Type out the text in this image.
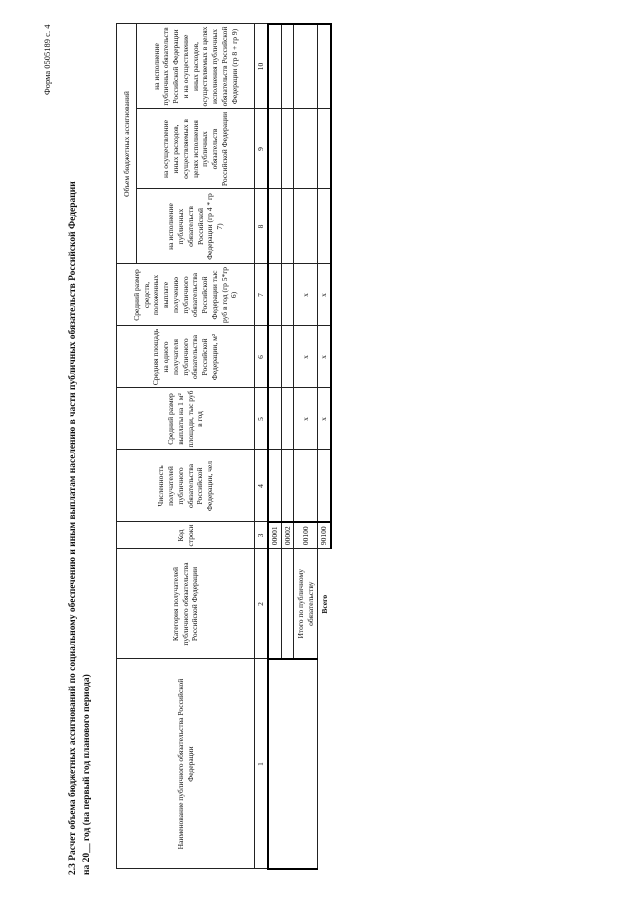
Форма 0505189 с. 4
2.3 Расчет объема бюджетных ассигнований по социальному обеспечению и иным выплатам населению в части публичных обязательств Российской Федерации на 20__ год (на первый год планового периода)	Наименование публичного обязательства Российской Федерации	Категория получателей публичного обязательства Российской Федерации	Код строки	Численность получателей публичного обязательства Российской Федерации, чел	Средний размер выплаты на 1 м² площади, тыс руб в год	Средняя площадь на одного получателя публичного обязательства Российской Федерации, м²	Средний размер средств, положенных выплате получению публичного обязательства Российской Федерации тыс руб в год (гр 5*гр 6)	Объем бюджетных ассигнований		
							на исполнение публичных обязательств Российской Федерации (гр 4 * гр 7)	на осуществление иных расходов, осуществляемых в целях исполнения публичных обязательств Российской Федерации	на исполнение публичных обязательств Российской Федерации и на осуществление иных расходов, осуществляемых в целях исполнения публичных обязательств Российской Федерации (гр 8 + гр 9)
1	2	3	4	5	6	7	8	9	10
		00001							
		00002							
	Итого по публичному обязательству	00100		x	x	x			
	Всего	90100		x	x	x			
